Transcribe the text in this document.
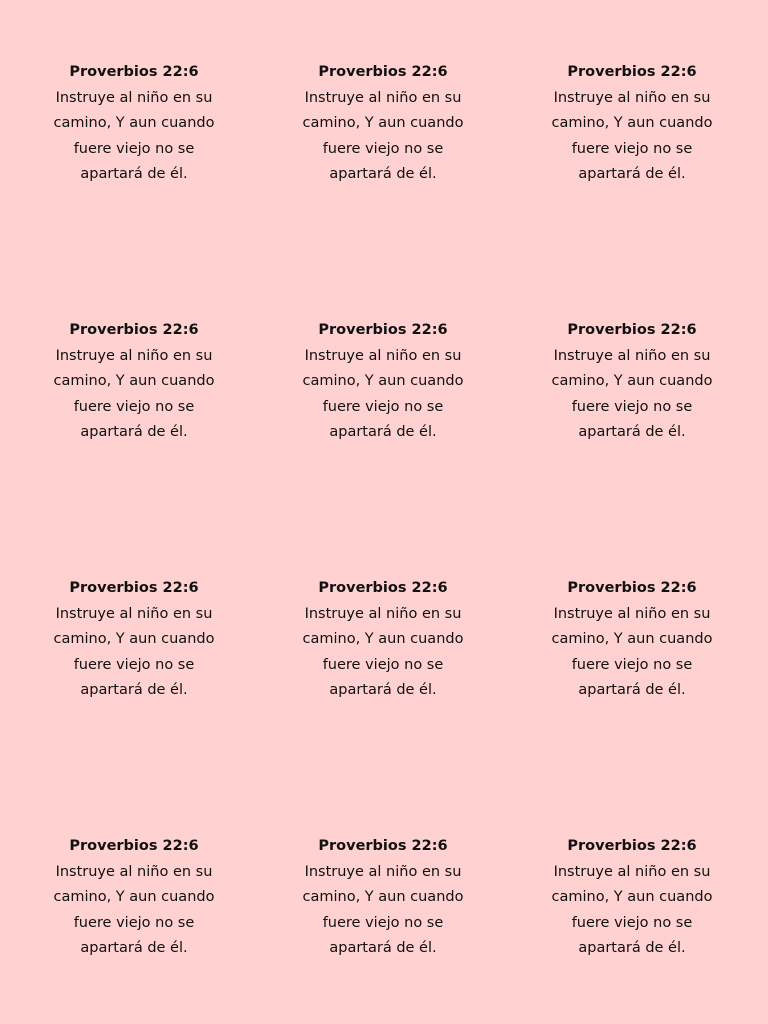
Proverbios 22:6
Instruye al niño en su
camino, Y aun cuando
fuere viejo no se
apartará de él.
Proverbios 22:6
Instruye al niño en su
camino, Y aun cuando
fuere viejo no se
apartará de él.
Proverbios 22:6
Instruye al niño en su
camino, Y aun cuando
fuere viejo no se
apartará de él.
Proverbios 22:6
Instruye al niño en su
camino, Y aun cuando
fuere viejo no se
apartará de él.
Proverbios 22:6
Instruye al niño en su
camino, Y aun cuando
fuere viejo no se
apartará de él.
Proverbios 22:6
Instruye al niño en su
camino, Y aun cuando
fuere viejo no se
apartará de él.
Proverbios 22:6
Instruye al niño en su
camino, Y aun cuando
fuere viejo no se
apartará de él.
Proverbios 22:6
Instruye al niño en su
camino, Y aun cuando
fuere viejo no se
apartará de él.
Proverbios 22:6
Instruye al niño en su
camino, Y aun cuando
fuere viejo no se
apartará de él.
Proverbios 22:6
Instruye al niño en su
camino, Y aun cuando
fuere viejo no se
apartará de él.
Proverbios 22:6
Instruye al niño en su
camino, Y aun cuando
fuere viejo no se
apartará de él.
Proverbios 22:6
Instruye al niño en su
camino, Y aun cuando
fuere viejo no se
apartará de él.
